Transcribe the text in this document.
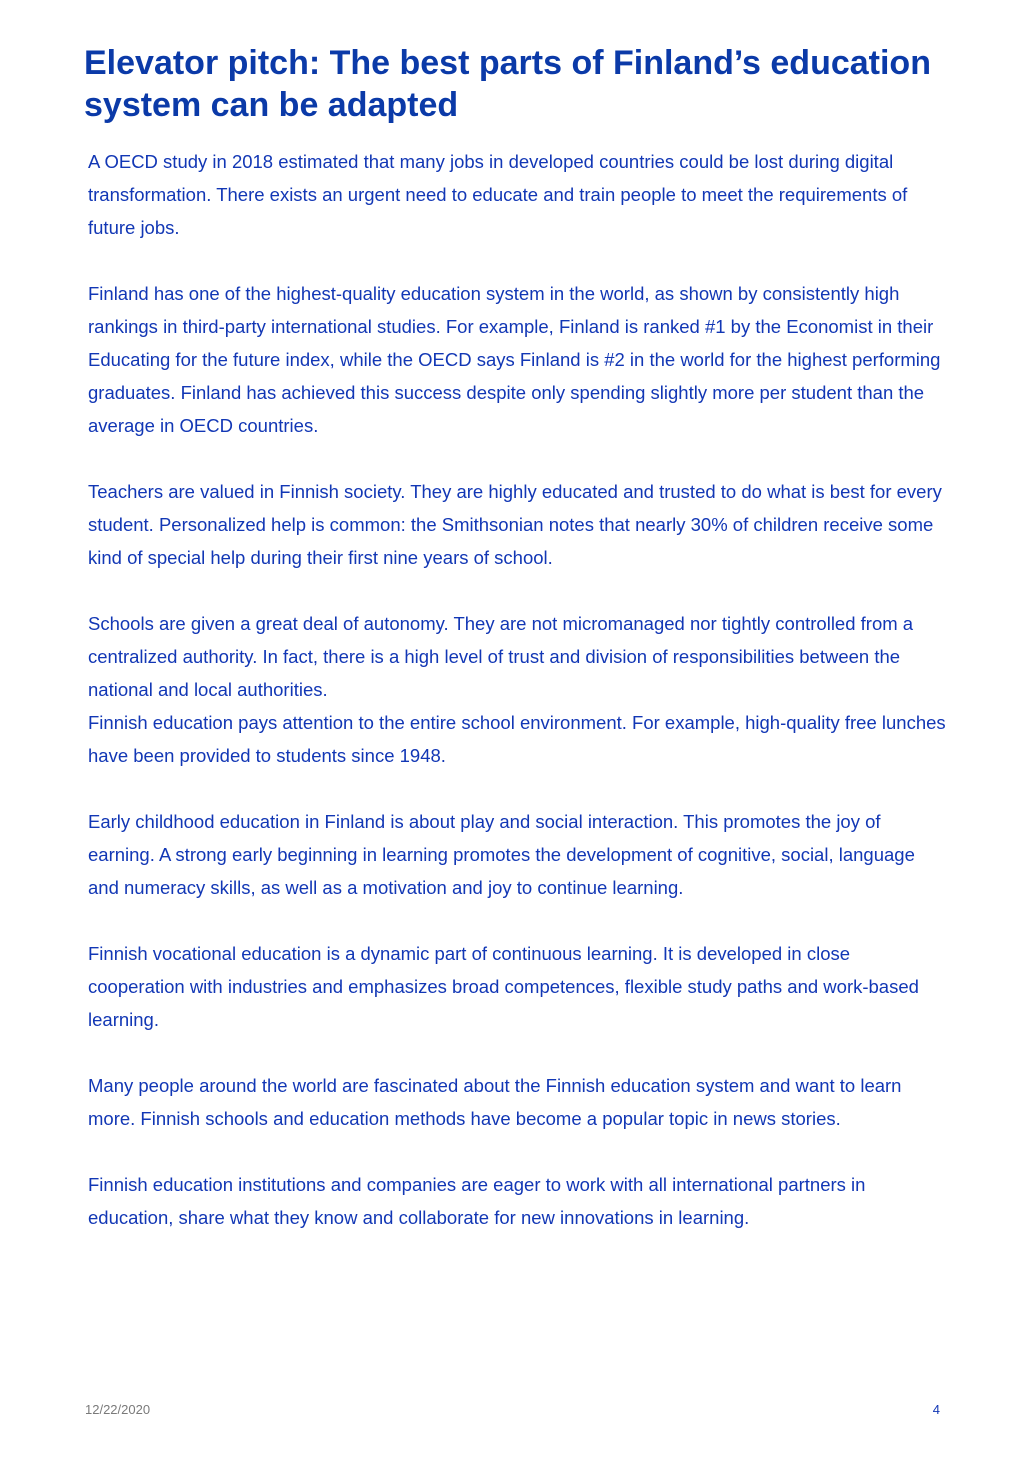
Elevator pitch: The best parts of Finland’s education system can be adapted

A OECD study in 2018 estimated that many jobs in developed countries could be lost during digital transformation. There exists an urgent need to educate and train people to meet the requirements of future jobs.

Finland has one of the highest-quality education system in the world, as shown by consistently high rankings in third-party international studies. For example, Finland is ranked #1 by the Economist in their Educating for the future index, while the OECD says Finland is #2 in the world for the highest performing graduates. Finland has achieved this success despite only spending slightly more per student than the average in OECD countries.

Teachers are valued in Finnish society. They are highly educated and trusted to do what is best for every student. Personalized help is common: the Smithsonian notes that nearly 30% of children receive some kind of special help during their first nine years of school.

Schools are given a great deal of autonomy. They are not micromanaged nor tightly controlled from a centralized authority. In fact, there is a high level of trust and division of responsibilities between the national and local authorities.
Finnish education pays attention to the entire school environment. For example, high-quality free lunches have been provided to students since 1948.

Early childhood education in Finland is about play and social interaction. This promotes the joy of earning. A strong early beginning in learning promotes the development of cognitive, social, language and numeracy skills, as well as a motivation and joy to continue learning.

Finnish vocational education is a dynamic part of continuous learning. It is developed in close cooperation with industries and emphasizes broad competences, flexible study paths and work-based learning.

Many people around the world are fascinated about the Finnish education system and want to learn more. Finnish schools and education methods have become a popular topic in news stories.

Finnish education institutions and companies are eager to work with all international partners in education, share what they know and collaborate for new innovations in learning.

12/22/2020	4
